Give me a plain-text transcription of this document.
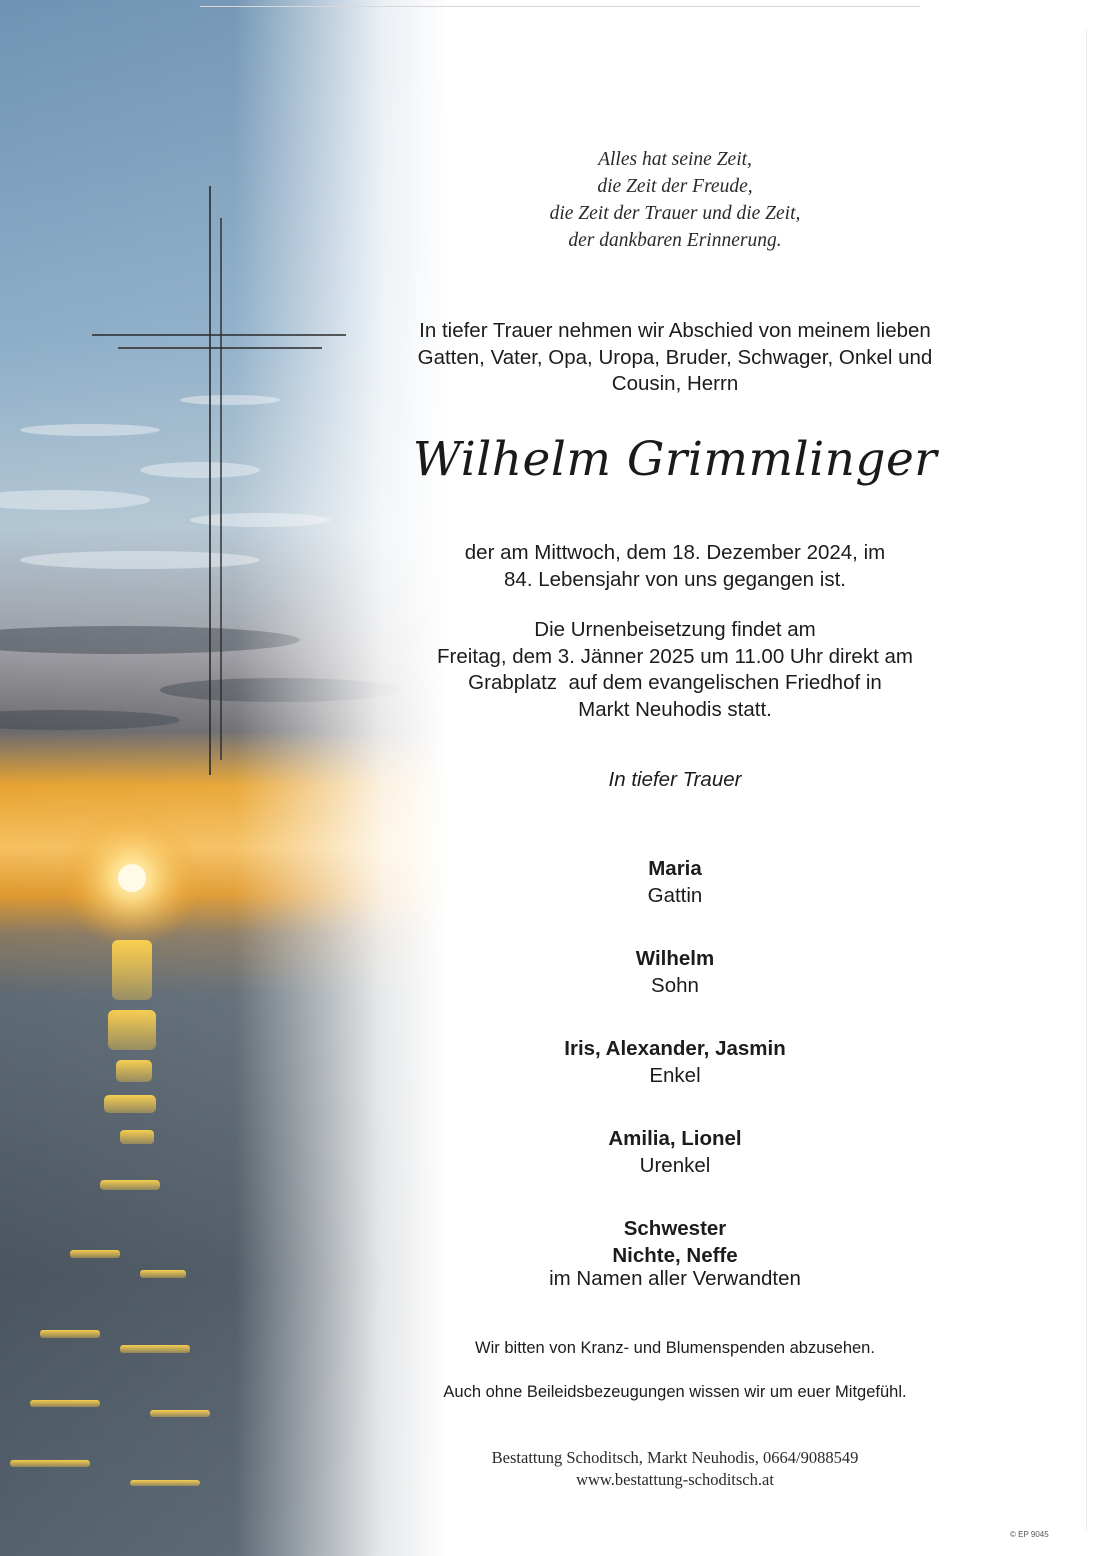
Alles hat seine Zeit,
die Zeit der Freude,
die Zeit der Trauer und die Zeit,
der dankbaren Erinnerung.
In tiefer Trauer nehmen wir Abschied von meinem lieben
Gatten, Vater, Opa, Uropa, Bruder, Schwager, Onkel und
Cousin, Herrn
Wilhelm Grimmlinger
der am Mittwoch, dem 18. Dezember 2024, im
84. Lebensjahr von uns gegangen ist.
Die Urnenbeisetzung findet am
Freitag, dem 3. Jänner 2025 um 11.00 Uhr direkt am
Grabplatz  auf dem evangelischen Friedhof in
Markt Neuhodis statt.
In tiefer Trauer
Maria
Gattin
Wilhelm
Sohn
Iris, Alexander, Jasmin
Enkel
Amilia, Lionel
Urenkel
Schwester
Nichte, Neffe
im Namen aller Verwandten
Wir bitten von Kranz- und Blumenspenden abzusehen.
Auch ohne Beileidsbezeugungen wissen wir um euer Mitgefühl.
Bestattung Schoditsch, Markt Neuhodis, 0664/9088549
www.bestattung-schoditsch.at
© EP 9045
